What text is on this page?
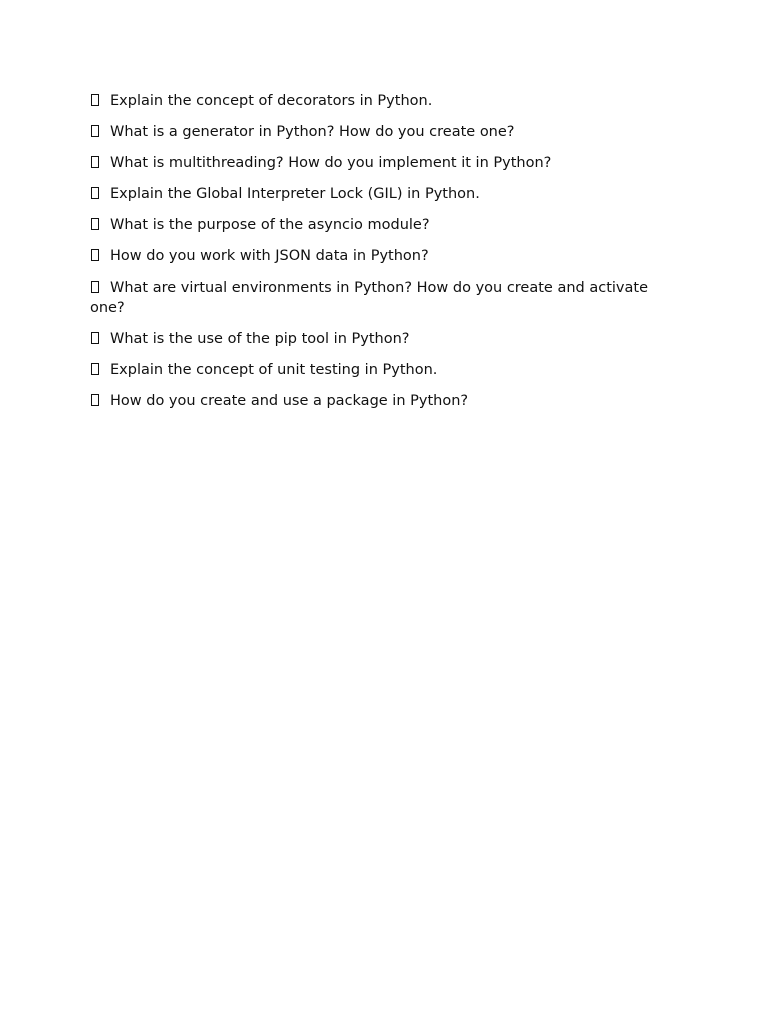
Explain the concept of decorators in Python.
What is a generator in Python? How do you create one?
What is multithreading? How do you implement it in Python?
Explain the Global Interpreter Lock (GIL) in Python.
What is the purpose of the asyncio module?
How do you work with JSON data in Python?
What are virtual environments in Python? How do you create and activate one?
What is the use of the pip tool in Python?
Explain the concept of unit testing in Python.
How do you create and use a package in Python?
